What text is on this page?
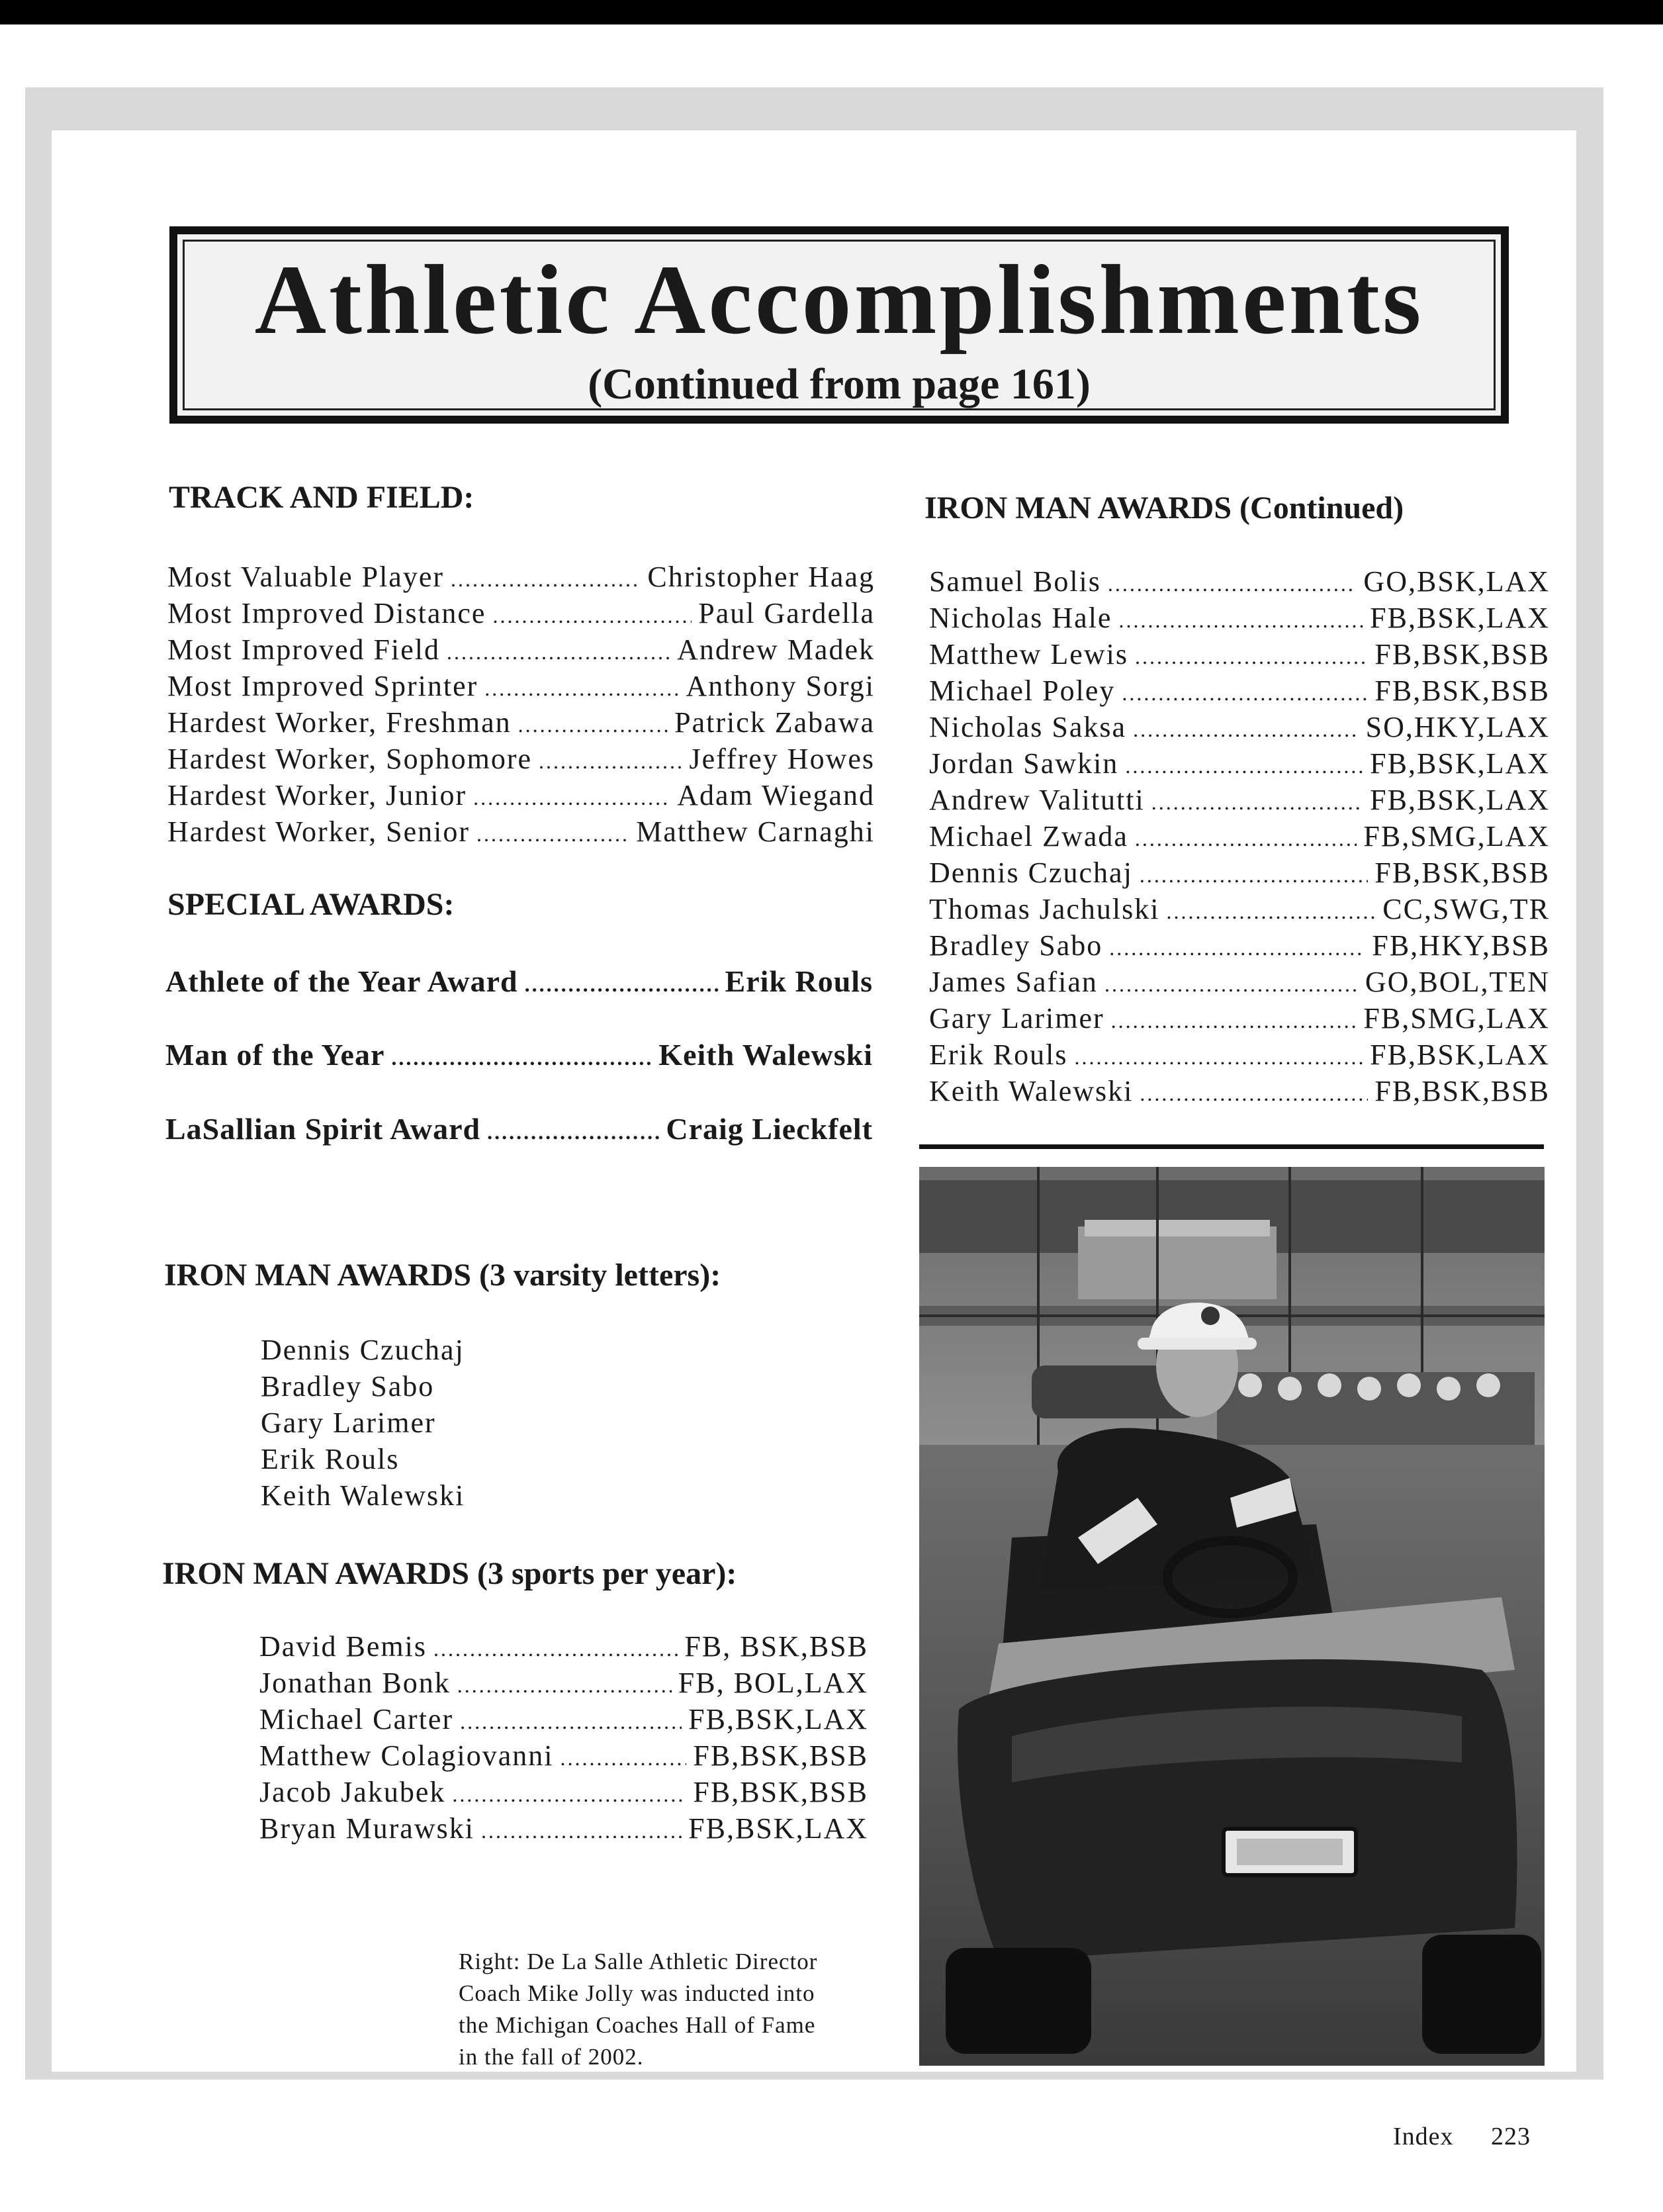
Athletic Accomplishments
(Continued from page 161)
TRACK AND FIELD:
Most Valuable Player .....	Christopher Haag
Most Improved Distance .....	Paul Gardella
Most Improved Field .....	Andrew Madek
Most Improved Sprinter .....	Anthony Sorgi
Hardest Worker, Freshman .....	Patrick Zabawa
Hardest Worker, Sophomore .....	Jeffrey Howes
Hardest Worker, Junior .....	Adam Wiegand
Hardest Worker, Senior .....	Matthew Carnaghi
SPECIAL AWARDS:
Athlete of the Year Award .....	Erik Rouls
Man of the Year .....	Keith Walewski
LaSallian Spirit Award .....	Craig Lieckfelt
IRON MAN AWARDS (3 varsity letters):
Dennis Czuchaj
Bradley Sabo
Gary Larimer
Erik Rouls
Keith Walewski
IRON MAN AWARDS (3 sports per year):
David Bemis .....	FB, BSK,BSB
Jonathan Bonk .....	FB, BOL,LAX
Michael Carter .....	FB,BSK,LAX
Matthew Colagiovanni .....	FB,BSK,BSB
Jacob Jakubek .....	FB,BSK,BSB
Bryan Murawski .....	FB,BSK,LAX
IRON MAN AWARDS (Continued)
Samuel Bolis .....	GO,BSK,LAX
Nicholas Hale .....	FB,BSK,LAX
Matthew Lewis .....	FB,BSK,BSB
Michael Poley .....	FB,BSK,BSB
Nicholas Saksa .....	SO,HKY,LAX
Jordan Sawkin .....	FB,BSK,LAX
Andrew Valitutti .....	FB,BSK,LAX
Michael Zwada .....	FB,SMG,LAX
Dennis Czuchaj .....	FB,BSK,BSB
Thomas Jachulski .....	CC,SWG,TR
Bradley Sabo .....	FB,HKY,BSB
James Safian .....	GO,BOL,TEN
Gary Larimer .....	FB,SMG,LAX
Erik Rouls .....	FB,BSK,LAX
Keith Walewski .....	FB,BSK,BSB
Right: De La Salle Athletic Director
Coach Mike Jolly was inducted into
the Michigan Coaches Hall of Fame
in the fall of 2002.
Index 223
